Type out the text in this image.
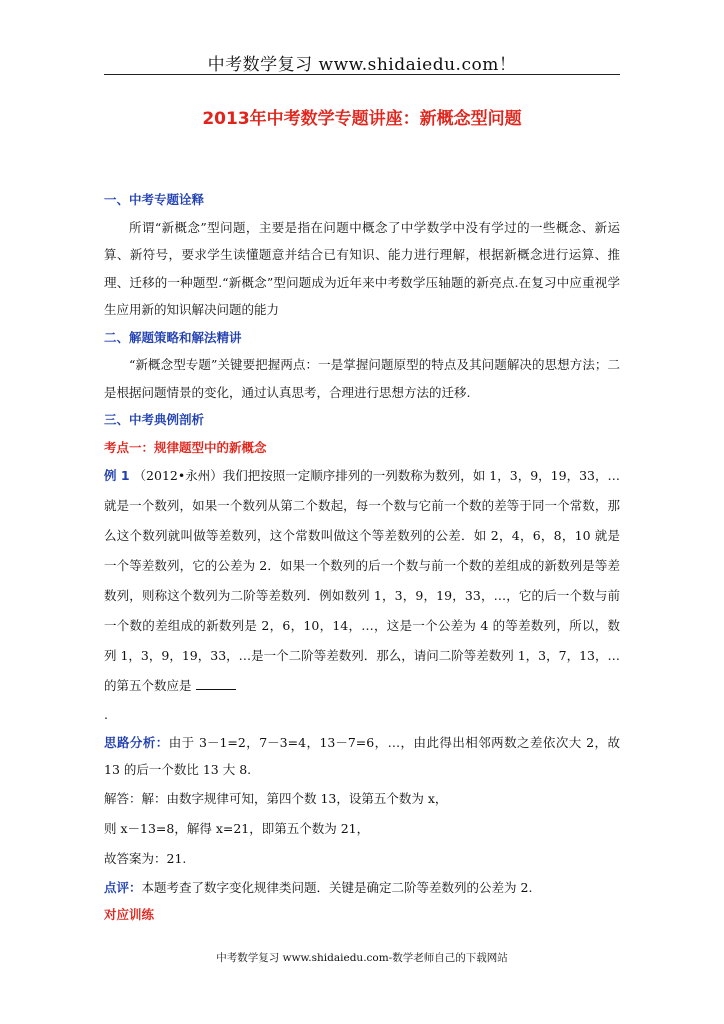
中考数学复习 www.shidaiedu.com！
2013年中考数学专题讲座：新概念型问题

一、中考专题诠释

所谓“新概念”型问题，主要是指在问题中概念了中学数学中没有学过的一些概念、新运算、新符号，要求学生读懂题意并结合已有知识、能力进行理解，根据新概念进行运算、推理、迁移的一种题型.“新概念”型问题成为近年来中考数学压轴题的新亮点.在复习中应重视学生应用新的知识解决问题的能力

二、解题策略和解法精讲

“新概念型专题”关键要把握两点：一是掌握问题原型的特点及其问题解决的思想方法；二是根据问题情景的变化，通过认真思考，合理进行思想方法的迁移.

三、中考典例剖析

考点一：规律题型中的新概念

例 1 （2012•永州）我们把按照一定顺序排列的一列数称为数列，如 1，3，9，19，33，…就是一个数列，如果一个数列从第二个数起，每一个数与它前一个数的差等于同一个常数，那么这个数列就叫做等差数列，这个常数叫做这个等差数列的公差．如 2，4，6，8，10 就是一个等差数列，它的公差为 2．如果一个数列的后一个数与前一个数的差组成的新数列是等差数列，则称这个数列为二阶等差数列．例如数列 1，3，9，19，33，…，它的后一个数与前一个数的差组成的新数列是 2，6，10，14，…，这是一个公差为 4 的等差数列，所以，数列 1，3，9，19，33，…是一个二阶等差数列．那么，请问二阶等差数列 1，3，7，13，…的第五个数应是

.

思路分析：由于 3－1=2，7－3=4，13－7=6，…，由此得出相邻两数之差依次大 2，故 13 的后一个数比 13 大 8.

解答：解：由数字规律可知，第四个数 13，设第五个数为 x，

则 x－13=8，解得 x=21，即第五个数为 21，

故答案为：21.

点评：本题考查了数字变化规律类问题．关键是确定二阶等差数列的公差为 2.

对应训练

中考数学复习 www.shidaiedu.com-数学老师自己的下载网站
